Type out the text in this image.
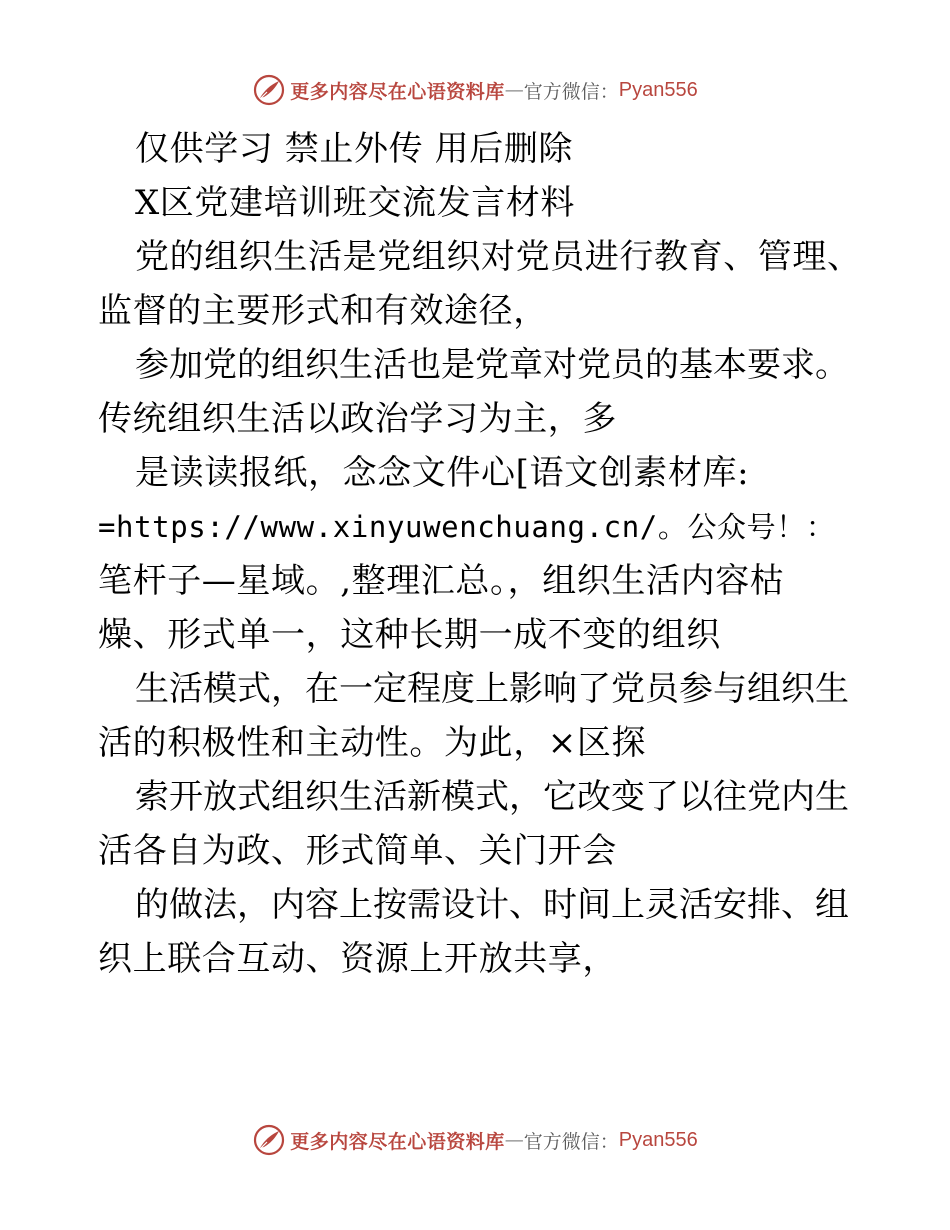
更多内容尽在心语资料库 — 官方微信： Pyan556
仅供学习 禁止外传 用后删除
X区党建培训班交流发言材料
党的组织生活是党组织对党员进行教育、管理、
监督的主要形式和有效途径，
参加党的组织生活也是党章对党员的基本要求。
传统组织生活以政治学习为主，多
是读读报纸，念念文件心[语文创素材库:
=https://www.xinyuwenchuang.cn/。公众号！：
笔杆子—星域。,整理汇总。，组织生活内容枯
燥、形式单一，这种长期一成不变的组织
生活模式，在一定程度上影响了党员参与组织生
活的积极性和主动性。为此，×区探
索开放式组织生活新模式，它改变了以往党内生
活各自为政、形式简单、关门开会
的做法，内容上按需设计、时间上灵活安排、组
织上联合互动、资源上开放共享，
更多内容尽在心语资料库 — 官方微信： Pyan556
